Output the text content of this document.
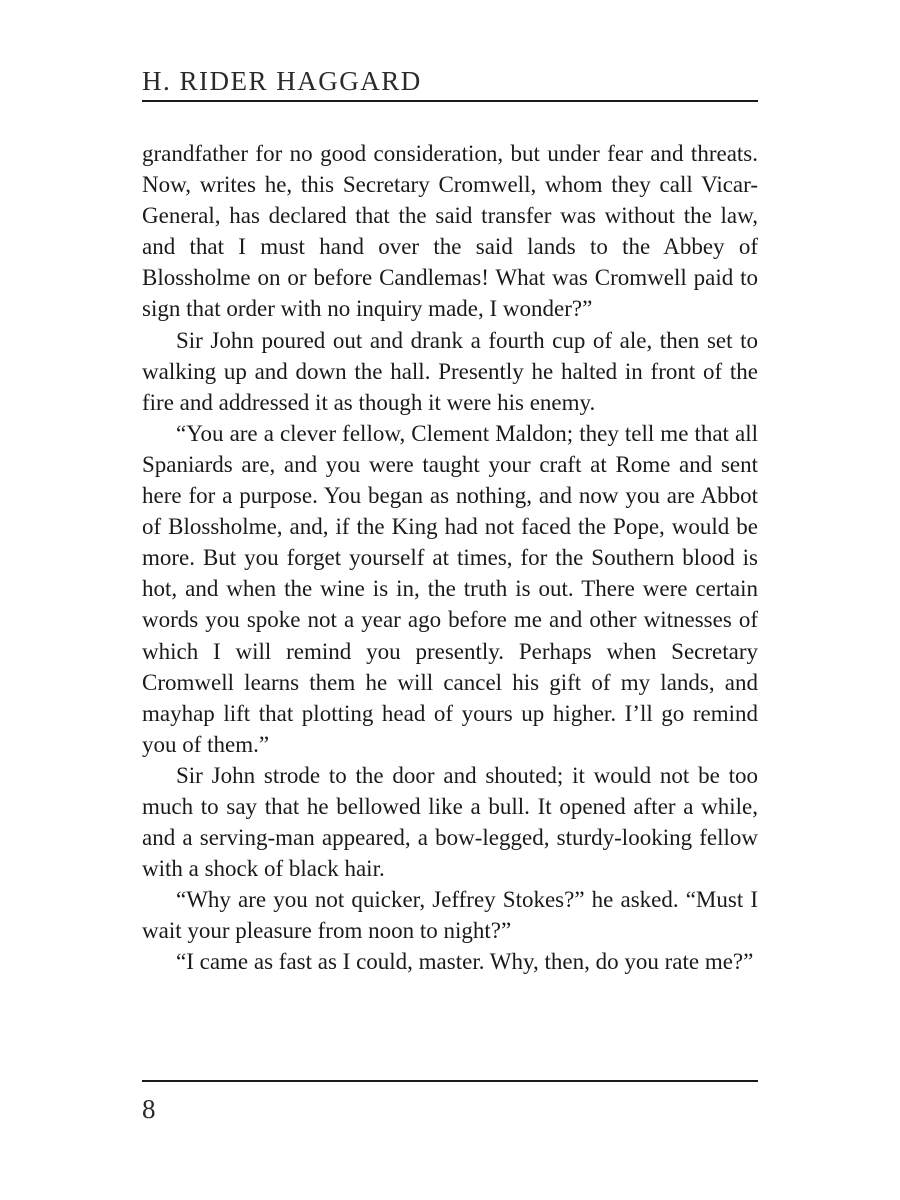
H. RIDER HAGGARD

grandfather for no good consideration, but under fear and threats. Now, writes he, this Secretary Cromwell, whom they call Vicar-General, has declared that the said transfer was without the law, and that I must hand over the said lands to the Abbey of Blossholme on or before Candlemas! What was Cromwell paid to sign that order with no inquiry made, I wonder?”

Sir John poured out and drank a fourth cup of ale, then set to walking up and down the hall. Presently he halted in front of the fire and addressed it as though it were his enemy.

“You are a clever fellow, Clement Maldon; they tell me that all Spaniards are, and you were taught your craft at Rome and sent here for a purpose. You began as nothing, and now you are Abbot of Blossholme, and, if the King had not faced the Pope, would be more. But you forget yourself at times, for the Southern blood is hot, and when the wine is in, the truth is out. There were certain words you spoke not a year ago before me and other witnesses of which I will remind you presently. Perhaps when Secretary Cromwell learns them he will cancel his gift of my lands, and mayhap lift that plotting head of yours up higher. I’ll go remind you of them.”

Sir John strode to the door and shouted; it would not be too much to say that he bellowed like a bull. It opened after a while, and a serving-man appeared, a bow-legged, sturdy-looking fellow with a shock of black hair.

“Why are you not quicker, Jeffrey Stokes?” he asked. “Must I wait your pleasure from noon to night?”

“I came as fast as I could, master. Why, then, do you rate me?”

8
